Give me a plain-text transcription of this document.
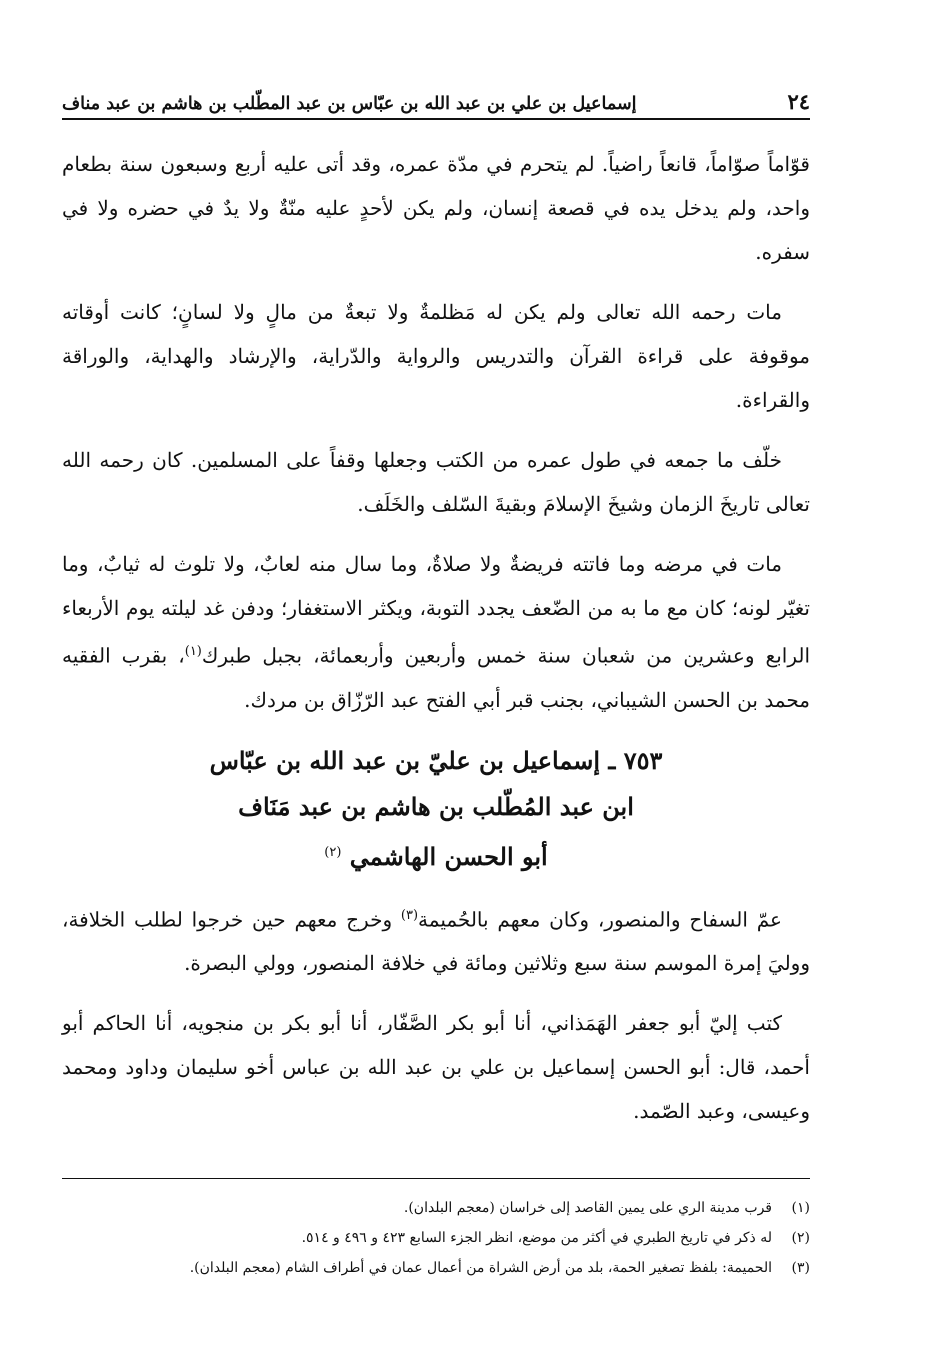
٢٤
إسماعيل بن علي بن عبد الله بن عبّاس بن عبد المطّلب بن هاشم بن عبد مناف

قوّاماً صوّاماً، قانعاً راضياً. لم يتحرم في مدّة عمره، وقد أتى عليه أربع وسبعون سنة بطعام واحد، ولم يدخل يده في قصعة إنسان، ولم يكن لأحدٍ عليه منّةٌ ولا يدٌ في حضره ولا في سفره.

مات رحمه الله تعالى ولم يكن له مَظلمةٌ ولا تبعةٌ من مالٍ ولا لسانٍ؛ كانت أوقاته موقوفة على قراءة القرآن والتدريس والرواية والدّراية، والإرشاد والهداية، والوراقة والقراءة.

خلّف ما جمعه في طول عمره من الكتب وجعلها وقفاً على المسلمين. كان رحمه الله تعالى تاريخَ الزمان وشيخَ الإسلامَ وبقيةَ السّلف والخَلَف.

مات في مرضه وما فاتته فريضةٌ ولا صلاةٌ، وما سال منه لعابٌ، ولا تلوث له ثيابٌ، وما تغيّر لونه؛ كان مع ما به من الضّعف يجدد التوبة، ويكثر الاستغفار؛ ودفن غد ليلته يوم الأربعاء الرابع وعشرين من شعبان سنة خمس وأربعين وأربعمائة، بجبل طبرك$^{(١)}$، بقرب الفقيه محمد بن الحسن الشيباني، بجنب قبر أبي الفتح عبد الرّزّاق بن مردك.

٧٥٣ ـ إسماعيل بن عليّ بن عبد الله بن عبّاس
ابن عبد المُطّلب بن هاشم بن عبد مَنَاف
أبو الحسن الهاشمي $^{(٢)}$

عمّ السفاح والمنصور، وكان معهم بالحُميمة$^{(٣)}$ وخرج معهم حين خرجوا لطلب الخلافة، ووليَ إمرة الموسم سنة سبع وثلاثين ومائة في خلافة المنصور، وولي البصرة.

كتب إليّ أبو جعفر الهَمَذاني، أنا أبو بكر الصَّفّار، أنا أبو بكر بن منجويه، أنا الحاكم أبو أحمد، قال: أبو الحسن إسماعيل بن علي بن عبد الله بن عباس أخو سليمان وداود ومحمد وعيسى، وعبد الصّمد.

(١)
قرب مدينة الري على يمين القاصد إلى خراسان (معجم البلدان).
(٢)
له ذكر في تاريخ الطبري في أكثر من موضع، انظر الجزء السابع ٤٢٣ و ٤٩٦ و ٥١٤.
(٣)
الحميمة: بلفظ تصغير الحمة، بلد من أرض الشراة من أعمال عمان في أطراف الشام (معجم البلدان).
